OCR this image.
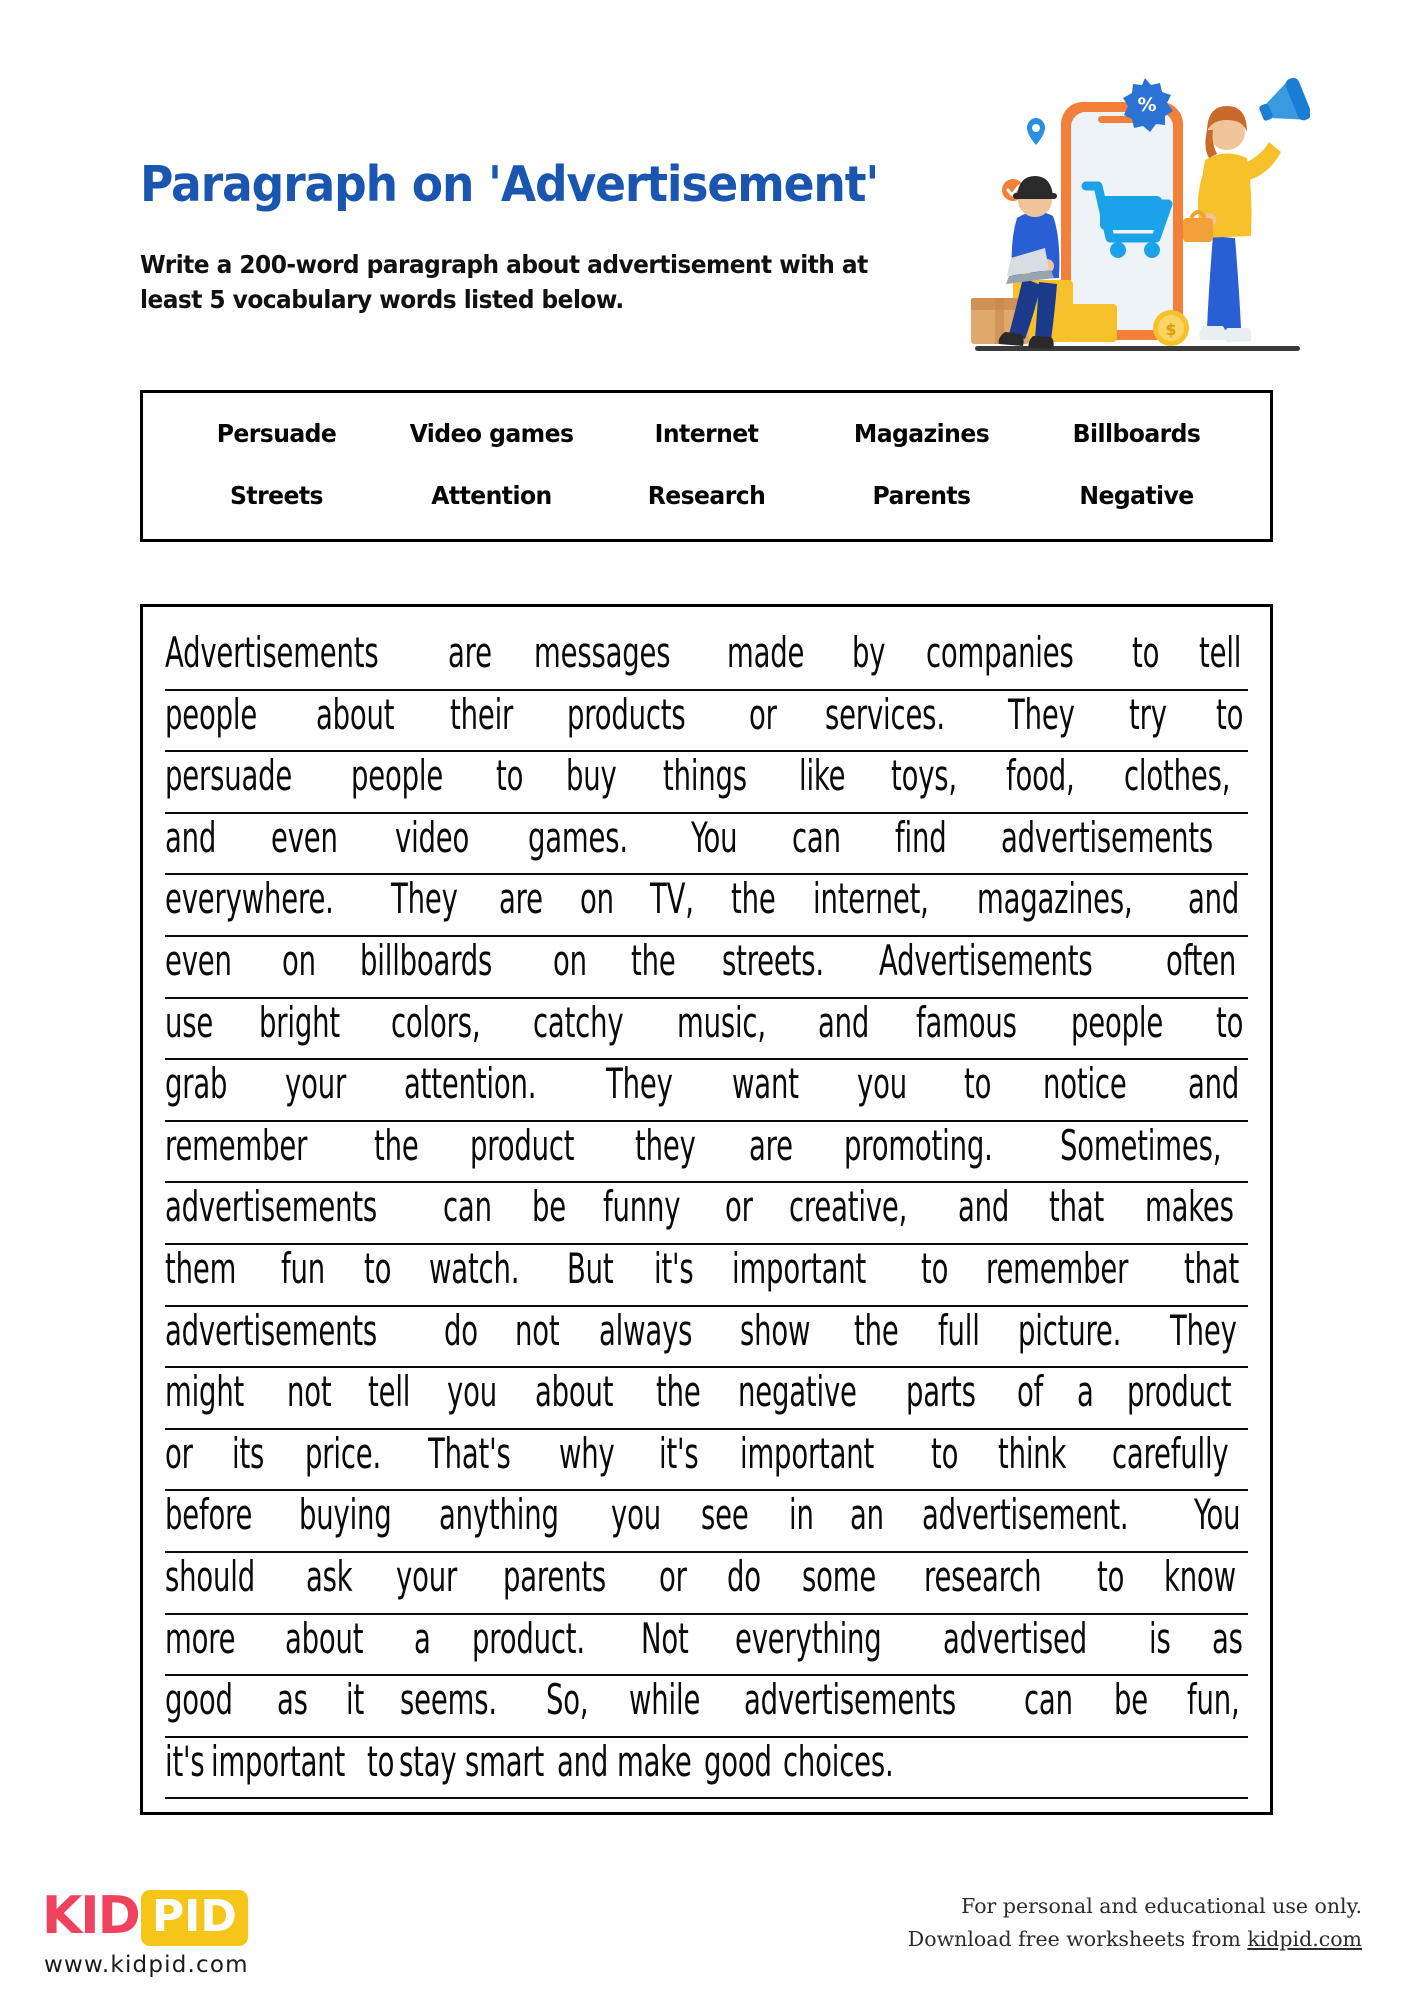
Paragraph on 'Advertisement'
Write a 200-word paragraph about advertisement with at least 5 vocabulary words listed below.
%
$
Persuade	Video games	Internet	Magazines	Billboards
Streets	Attention	Research	Parents	Negative
Advertisements are messages made by companies to tell
people about their products or services. They try to
persuade people to buy things like toys, food, clothes,
and even video games. You can find advertisements
everywhere. They are on TV, the internet, magazines, and
even on billboards on the streets. Advertisements often
use bright colors, catchy music, and famous people to
grab your attention. They want you to notice and
remember the product they are promoting. Sometimes,
advertisements can be funny or creative, and that makes
them fun to watch. But it's important to remember that
advertisements do not always show the full picture. They
might not tell you about the negative parts of a product
or its price. That's why it's important to think carefully
before buying anything you see in an advertisement. You
should ask your parents or do some research to know
more about a product. Not everything advertised is as
good as it seems. So, while advertisements can be fun,
it's important to stay smart and make good choices.
KID PID
www.kidpid.com
For personal and educational use only.
Download free worksheets from kidpid.com
